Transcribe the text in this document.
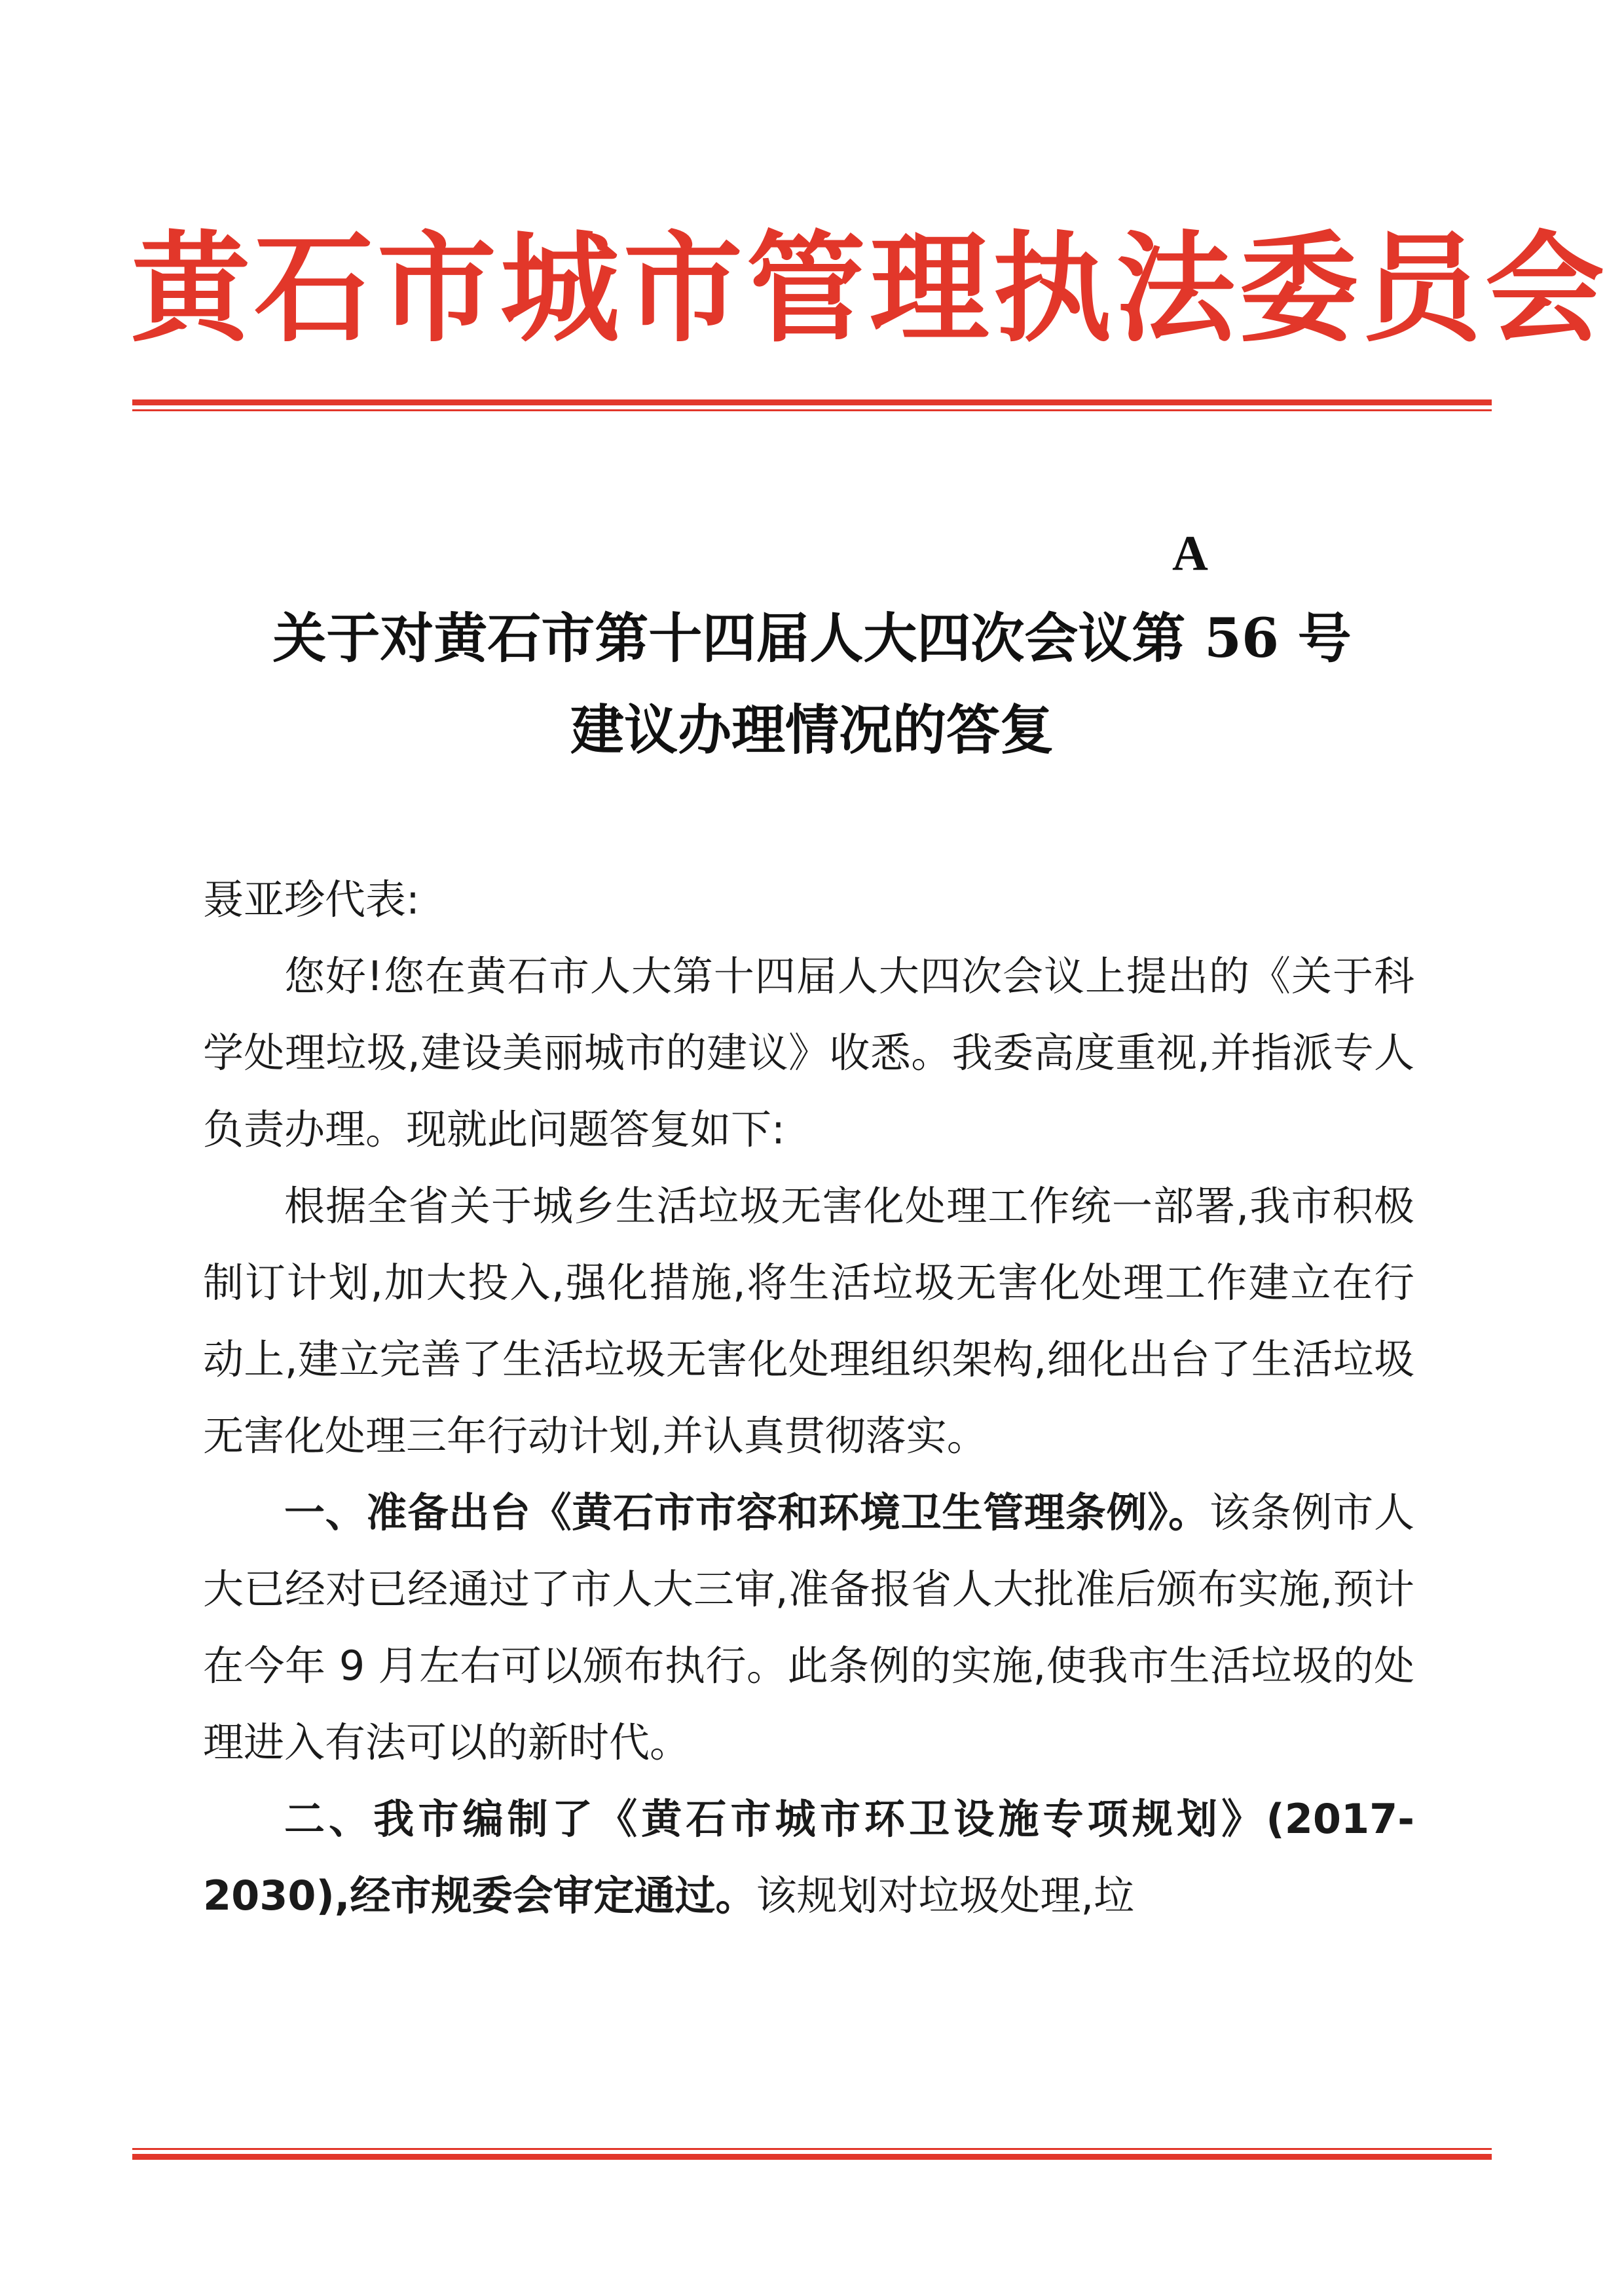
黄石市城市管理执法委员会
A
关于对黄石市第十四届人大四次会议第 56 号
建议办理情况的答复

聂亚珍代表:

您好!您在黄石市人大第十四届人大四次会议上提出的《关于科学处理垃圾,建设美丽城市的建议》收悉。我委高度重视,并指派专人负责办理。现就此问题答复如下:

根据全省关于城乡生活垃圾无害化处理工作统一部署,我市积极制订计划,加大投入,强化措施,将生活垃圾无害化处理工作建立在行动上,建立完善了生活垃圾无害化处理组织架构,细化出台了生活垃圾无害化处理三年行动计划,并认真贯彻落实。

一、准备出台《黄石市市容和环境卫生管理条例》。该条例市人大已经对已经通过了市人大三审,准备报省人大批准后颁布实施,预计在今年 9 月左右可以颁布执行。此条例的实施,使我市生活垃圾的处理进入有法可以的新时代。

二、我市编制了《黄石市城市环卫设施专项规划》(2017-2030),经市规委会审定通过。该规划对垃圾处理,垃
